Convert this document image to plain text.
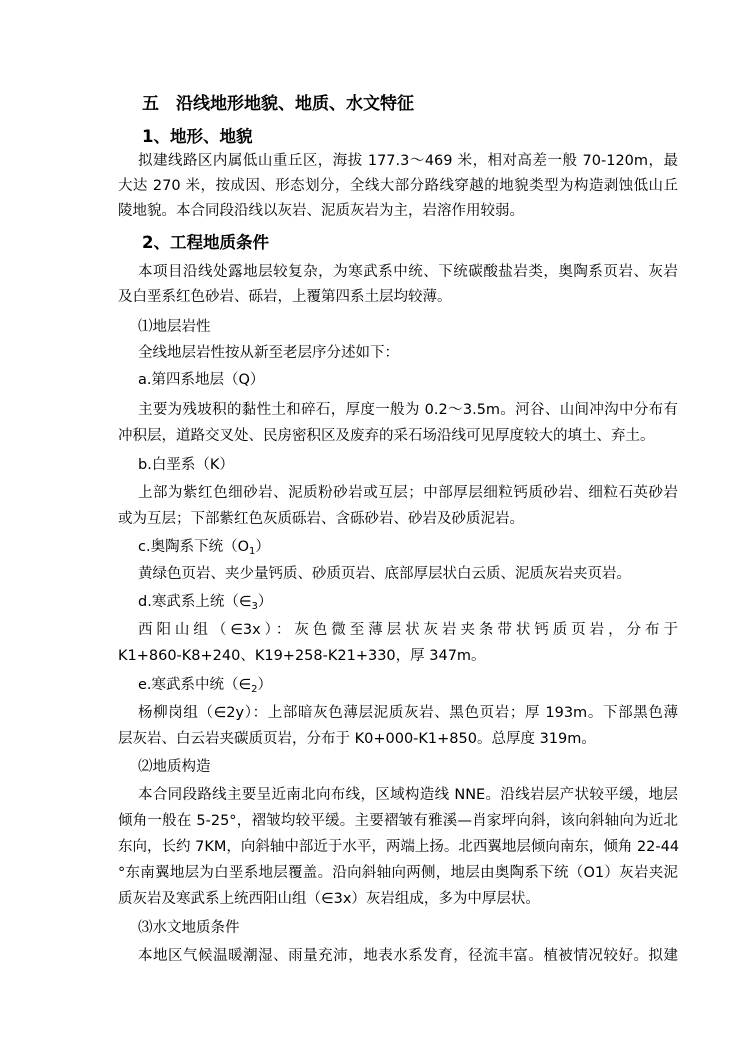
五　沿线地形地貌、地质、水文特征
1、地形、地貌
拟建线路区内属低山重丘区，海拔 177.3～469 米，相对高差一般 70-120m，最
大达 270 米，按成因、形态划分，全线大部分路线穿越的地貌类型为构造剥蚀低山丘
陵地貌。本合同段沿线以灰岩、泥质灰岩为主，岩溶作用较弱。
2、工程地质条件
本项目沿线处露地层较复杂，为寒武系中统、下统碳酸盐岩类，奥陶系页岩、灰岩
及白垩系红色砂岩、砾岩，上覆第四系土层均较薄。
⑴地层岩性
全线地层岩性按从新至老层序分述如下：
a.第四系地层（Q）
主要为残坡积的黏性土和碎石，厚度一般为 0.2～3.5m。河谷、山间冲沟中分布有
冲积层，道路交叉处、民房密积区及废弃的采石场沿线可见厚度较大的填土、弃土。
b.白垩系（K）
上部为紫红色细砂岩、泥质粉砂岩或互层；中部厚层细粒钙质砂岩、细粒石英砂岩
或为互层；下部紫红色灰质砾岩、含砾砂岩、砂岩及砂质泥岩。
c.奥陶系下统$(O_1)$
黄绿色页岩、夹少量钙质、砂质页岩、底部厚层状白云质、泥质灰岩夹页岩。
d.寒武系上统$(\in_3)$
西阳山组（∈3x）：灰色微至薄层状灰岩夹条带状钙质页岩，分布于
K1+860-K8+240、K19+258-K21+330，厚 347m。
e.寒武系中统$(\in_2)$
杨柳岗组（∈2y）：上部暗灰色薄层泥质灰岩、黑色页岩；厚 193m。下部黑色薄
层灰岩、白云岩夹碳质页岩，分布于 K0+000-K1+850。总厚度 319m。
⑵地质构造
本合同段路线主要呈近南北向布线，区域构造线 NNE。沿线岩层产状较平缓，地层
倾角一般在 5-25°，褶皱均较平缓。主要褶皱有雅溪—肖家坪向斜，该向斜轴向为近北
东向，长约 7KM，向斜轴中部近于水平，两端上扬。北西翼地层倾向南东，倾角 22-44
°东南翼地层为白垩系地层覆盖。沿向斜轴向两侧，地层由奥陶系下统（O1）灰岩夹泥
质灰岩及寒武系上统西阳山组（∈3x）灰岩组成，多为中厚层状。
⑶水文地质条件
本地区气候温暖潮湿、雨量充沛，地表水系发育，径流丰富。植被情况较好。拟建
